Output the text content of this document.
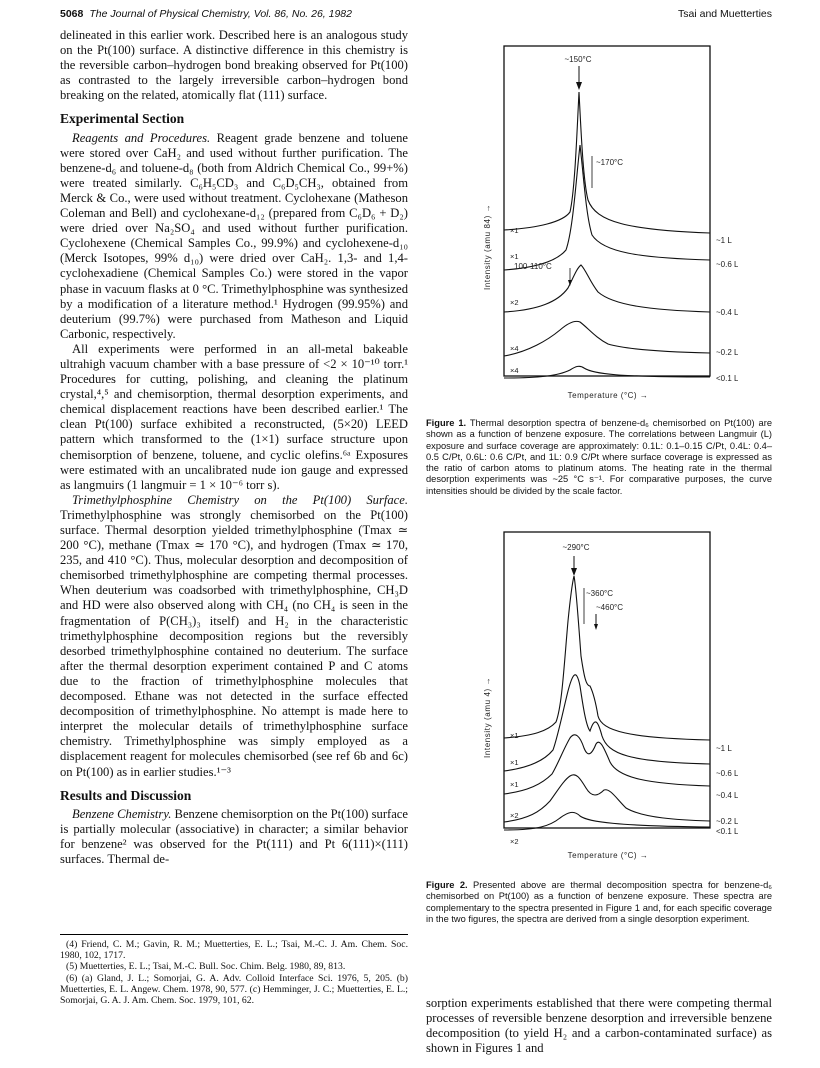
5068 The Journal of Physical Chemistry, Vol. 86, No. 26, 1982	Tsai and Muetterties

delineated in this earlier work. Described here is an analogous study on the Pt(100) surface. A distinctive difference in this chemistry is the reversible carbon–hydrogen bond breaking observed for Pt(100) as contrasted to the largely irreversible carbon–hydrogen bond breaking on the related, atomically flat (111) surface.

Experimental Section

Reagents and Procedures. Reagent grade benzene and toluene were stored over CaH₂ and used without further purification. The benzene-d₆ and toluene-d₈ (both from Aldrich Chemical Co., 99+%) were treated similarly. C₆H₅CD₃ and C₆D₅CH₃, obtained from Merck & Co., were used without treatment. Cyclohexane (Matheson Coleman and Bell) and cyclohexane-d₁₂ (prepared from C₆D₆ + D₂) were dried over Na₂SO₄ and used without further purification. Cyclohexene (Chemical Samples Co., 99.9%) and cyclohexene-d₁₀ (Merck Isotopes, 99% d₁₀) were dried over CaH₂. 1,3- and 1,4-cyclohexadiene (Chemical Samples Co.) were stored in the vapor phase in vacuum flasks at 0 °C. Trimethylphosphine was synthesized by a modification of a literature method.¹ Hydrogen (99.95%) and deuterium (99.7%) were purchased from Matheson and Liquid Carbonic, respectively.

All experiments were performed in an all-metal bakeable ultrahigh vacuum chamber with a base pressure of <2 × 10⁻¹⁰ torr.¹ Procedures for cutting, polishing, and cleaning the platinum crystal,⁴,⁵ and chemisorption, thermal desorption experiments, and chemical displacement reactions have been described earlier.¹ The clean Pt(100) surface exhibited a reconstructed, (5×20) LEED pattern which transformed to the (1×1) surface structure upon chemisorption of benzene, toluene, and cyclic olefins.⁶ᵃ Exposures were estimated with an uncalibrated nude ion gauge and expressed as langmuirs (1 langmuir = 1 × 10⁻⁶ torr s).

Trimethylphosphine Chemistry on the Pt(100) Surface. Trimethylphosphine was strongly chemisorbed on the Pt(100) surface. Thermal desorption yielded trimethylphosphine (Tmax ≃ 200 °C), methane (Tmax ≃ 170 °C), and hydrogen (Tmax ≃ 170, 235, and 410 °C). Thus, molecular desorption and decomposition of chemisorbed trimethylphosphine are competing thermal processes. When deuterium was coadsorbed with trimethylphosphine, CH₃D and HD were also observed along with CH₄ (no CH₄ is seen in the fragmentation of P(CH₃)₃ itself) and H₂ in the characteristic trimethylphosphine decomposition regions but the reversibly desorbed trimethylphosphine contained no deuterium. The surface after the thermal desorption experiment contained P and C atoms due to the fraction of trimethylphosphine molecules that decomposed. Ethane was not detected in the surface effected decomposition of trimethylphosphine. No attempt is made here to interpret the molecular details of trimethylphosphine surface chemistry. Trimethylphosphine was simply employed as a displacement reagent for molecules chemisorbed (see ref 6b and 6c) on Pt(100) as in earlier studies.¹⁻³

Results and Discussion

Benzene Chemistry. Benzene chemisorption on the Pt(100) surface is partially molecular (associative) in character; a similar behavior for benzene² was observed for the Pt(111) and Pt 6(111)×(111) surfaces. Thermal de-

(4) Friend, C. M.; Gavin, R. M.; Muetterties, E. L.; Tsai, M.-C. J. Am. Chem. Soc. 1980, 102, 1717.

(5) Muetterties, E. L.; Tsai, M.-C. Bull. Soc. Chim. Belg. 1980, 89, 813.

(6) (a) Gland, J. L.; Somorjai, G. A. Adv. Colloid Interface Sci. 1976, 5, 205. (b) Muetterties, E. L. Angew. Chem. 1978, 90, 577. (c) Hemminger, J. C.; Muetterties, E. L.; Somorjai, G. A. J. Am. Chem. Soc. 1979, 101, 62.

~150°C
~170°C
100-110°C
×1
×1
×2
×4
×4
~1 L
~0.6 L
~0.4 L
~0.2 L
<0.1 L
Intensity (amu 84) →
Temperature (°C) →
Figure 1. Thermal desorption spectra of benzene-d₆ chemisorbed on Pt(100) are shown as a function of benzene exposure. The correlations between Langmuir (L) exposure and surface coverage are approximately: 0.1L: 0.1–0.15 C/Pt, 0.4L: 0.4–0.5 C/Pt, 0.6L: 0.6 C/Pt, and 1L: 0.9 C/Pt where surface coverage is expressed as the ratio of carbon atoms to platinum atoms. The heating rate in the thermal desorption experiments was ~25 °C s⁻¹. For comparative purposes, the curve intensities should be divided by the scale factor.
~290°C
~360°C
~460°C
×1
×1
×1
×2
×2
~1 L
~0.6 L
~0.4 L
~0.2 L
<0.1 L
Intensity (amu 4) →
Temperature (°C) →
Figure 2. Presented above are thermal decomposition spectra for benzene-d₆ chemisorbed on Pt(100) as a function of benzene exposure. These spectra are complementary to the spectra presented in Figure 1 and, for each specific coverage in the two figures, the spectra are derived from a single desorption experiment.

sorption experiments established that there were competing thermal processes of reversible benzene desorption and irreversible benzene decomposition (to yield H₂ and a carbon-contaminated surface) as shown in Figures 1 and
